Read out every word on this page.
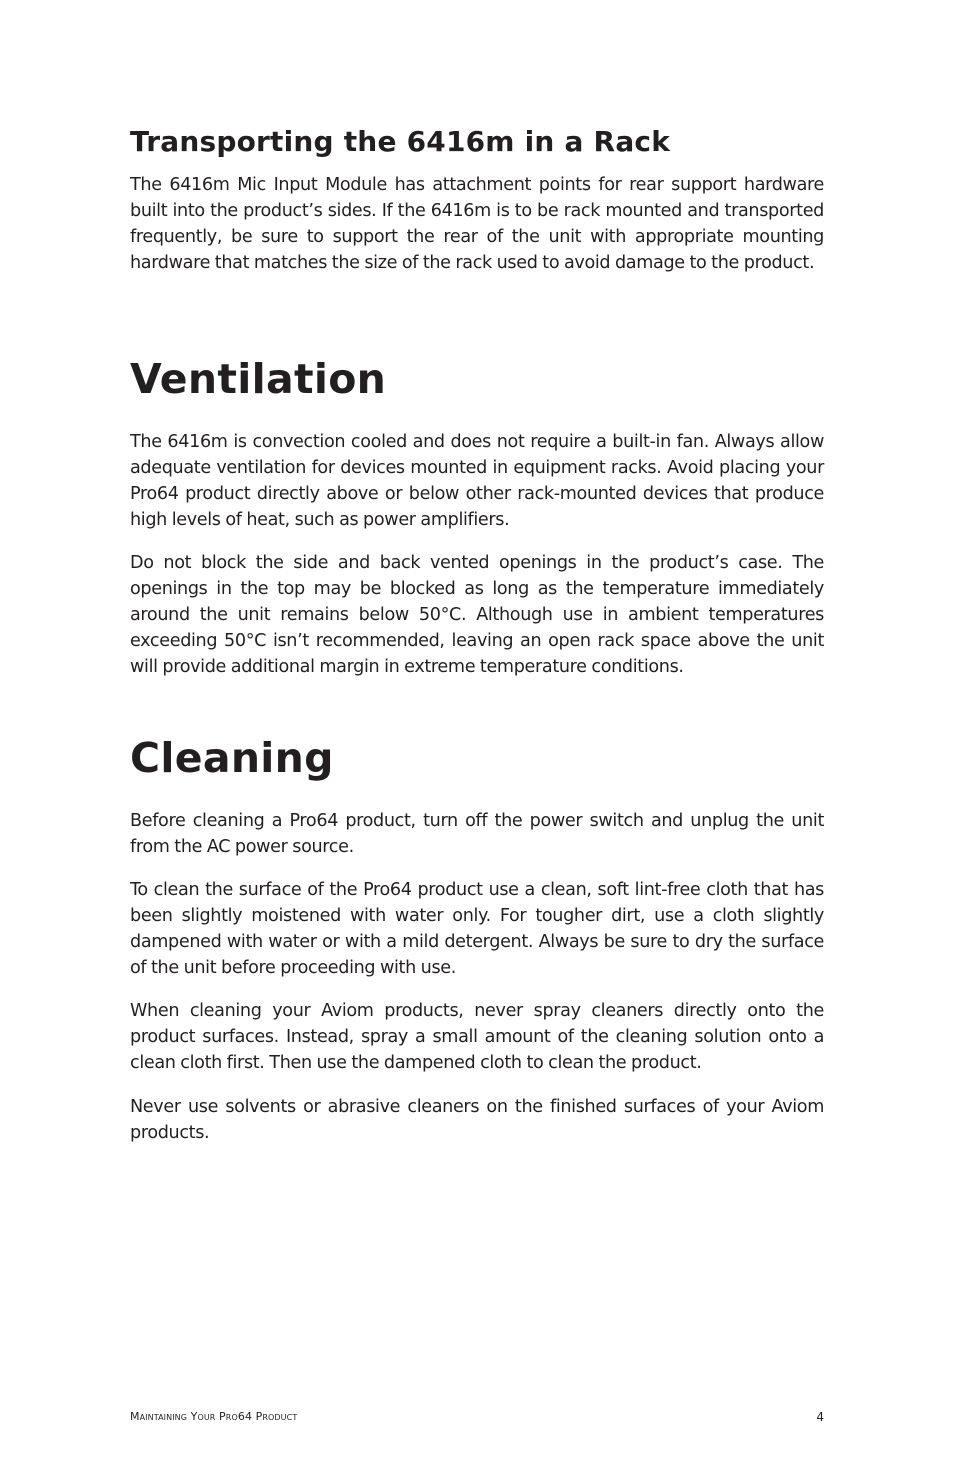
Transporting the 6416m in a Rack

The 6416m Mic Input Module has attachment points for rear support hardware built into the product’s sides. If the 6416m is to be rack mounted and transported frequently, be sure to support the rear of the unit with appropriate mounting hardware that matches the size of the rack used to avoid damage to the product.

Ventilation

The 6416m is convection cooled and does not require a built-in fan. Always allow adequate ventilation for devices mounted in equipment racks. Avoid placing your Pro64 product directly above or below other rack-mounted devices that produce high levels of heat, such as power amplifiers.

Do not block the side and back vented openings in the product’s case. The openings in the top may be blocked as long as the temperature immediately around the unit remains below 50°C. Although use in ambient temperatures exceeding 50°C isn’t recommended, leaving an open rack space above the unit will provide additional margin in extreme temperature conditions.

Cleaning

Before cleaning a Pro64 product, turn off the power switch and unplug the unit from the AC power source.

To clean the surface of the Pro64 product use a clean, soft lint-free cloth that has been slightly moistened with water only. For tougher dirt, use a cloth slightly dampened with water or with a mild detergent. Always be sure to dry the surface of the unit before proceeding with use.

When cleaning your Aviom products, never spray cleaners directly onto the product surfaces. Instead, spray a small amount of the cleaning solution onto a clean cloth first. Then use the dampened cloth to clean the product.

Never use solvents or abrasive cleaners on the finished surfaces of your Aviom products.

Maintaining Your Pro64 Product	4
